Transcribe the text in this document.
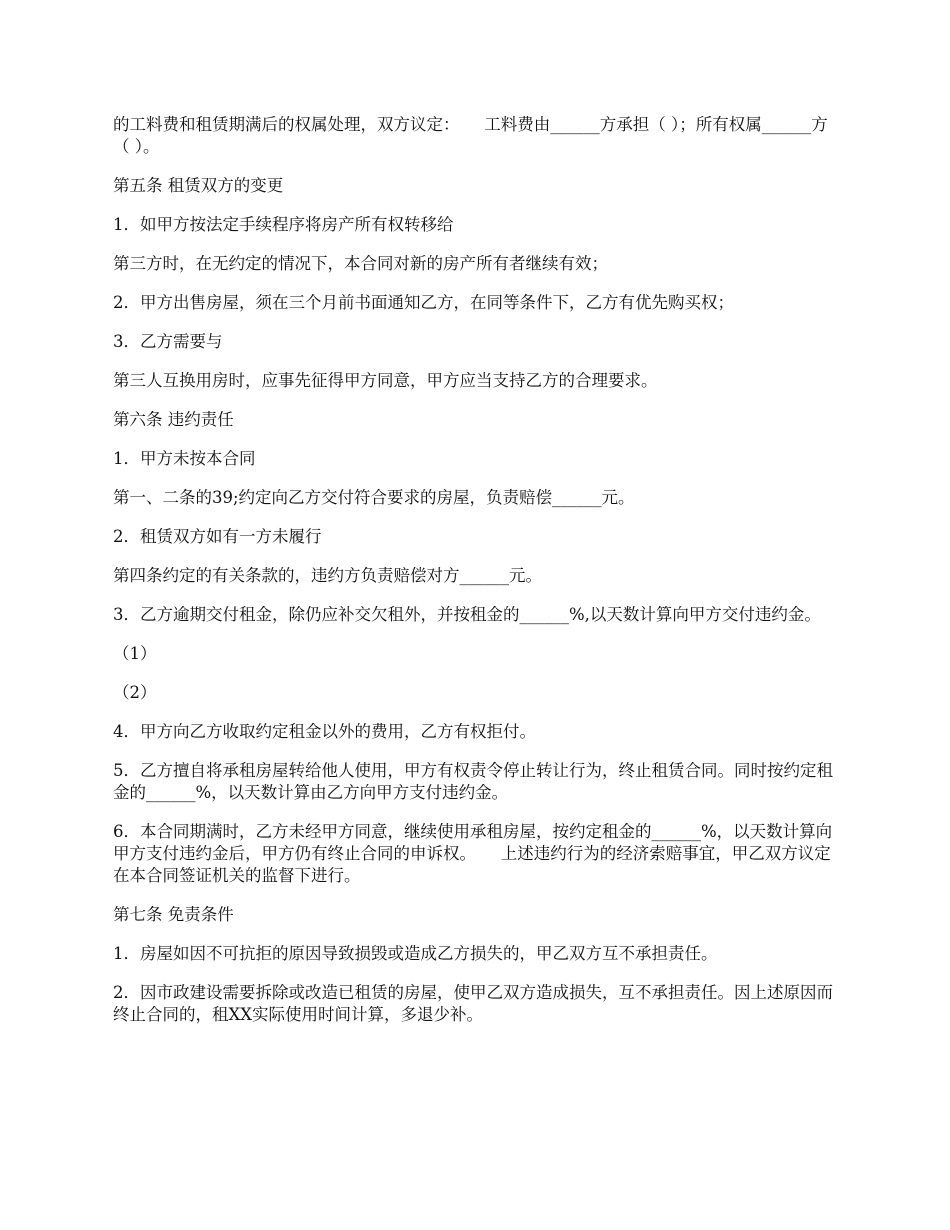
的工料费和租赁期满后的权属处理，双方议定：　　工料费由______方承担（ ）；所有权属______方（ ）。

第五条 租赁双方的变更

1．如甲方按法定手续程序将房产所有权转移给

第三方时，在无约定的情况下，本合同对新的房产所有者继续有效；

2．甲方出售房屋，须在三个月前书面通知乙方，在同等条件下，乙方有优先购买权；

3．乙方需要与

第三人互换用房时，应事先征得甲方同意，甲方应当支持乙方的合理要求。

第六条 违约责任

1．甲方未按本合同

第一、二条的39;约定向乙方交付符合要求的房屋，负责赔偿______元。

2．租赁双方如有一方未履行

第四条约定的有关条款的，违约方负责赔偿对方______元。

3．乙方逾期交付租金，除仍应补交欠租外，并按租金的______%,以天数计算向甲方交付违约金。

（1）

（2）

4．甲方向乙方收取约定租金以外的费用，乙方有权拒付。

5．乙方擅自将承租房屋转给他人使用，甲方有权责令停止转让行为，终止租赁合同。同时按约定租金的______%，以天数计算由乙方向甲方支付违约金。

6．本合同期满时，乙方未经甲方同意，继续使用承租房屋，按约定租金的______%，以天数计算向甲方支付违约金后，甲方仍有终止合同的申诉权。　　上述违约行为的经济索赔事宜，甲乙双方议定在本合同签证机关的监督下进行。

第七条 免责条件

1．房屋如因不可抗拒的原因导致损毁或造成乙方损失的，甲乙双方互不承担责任。

2．因市政建设需要拆除或改造已租赁的房屋，使甲乙双方造成损失，互不承担责任。因上述原因而终止合同的，租XX实际使用时间计算，多退少补。
